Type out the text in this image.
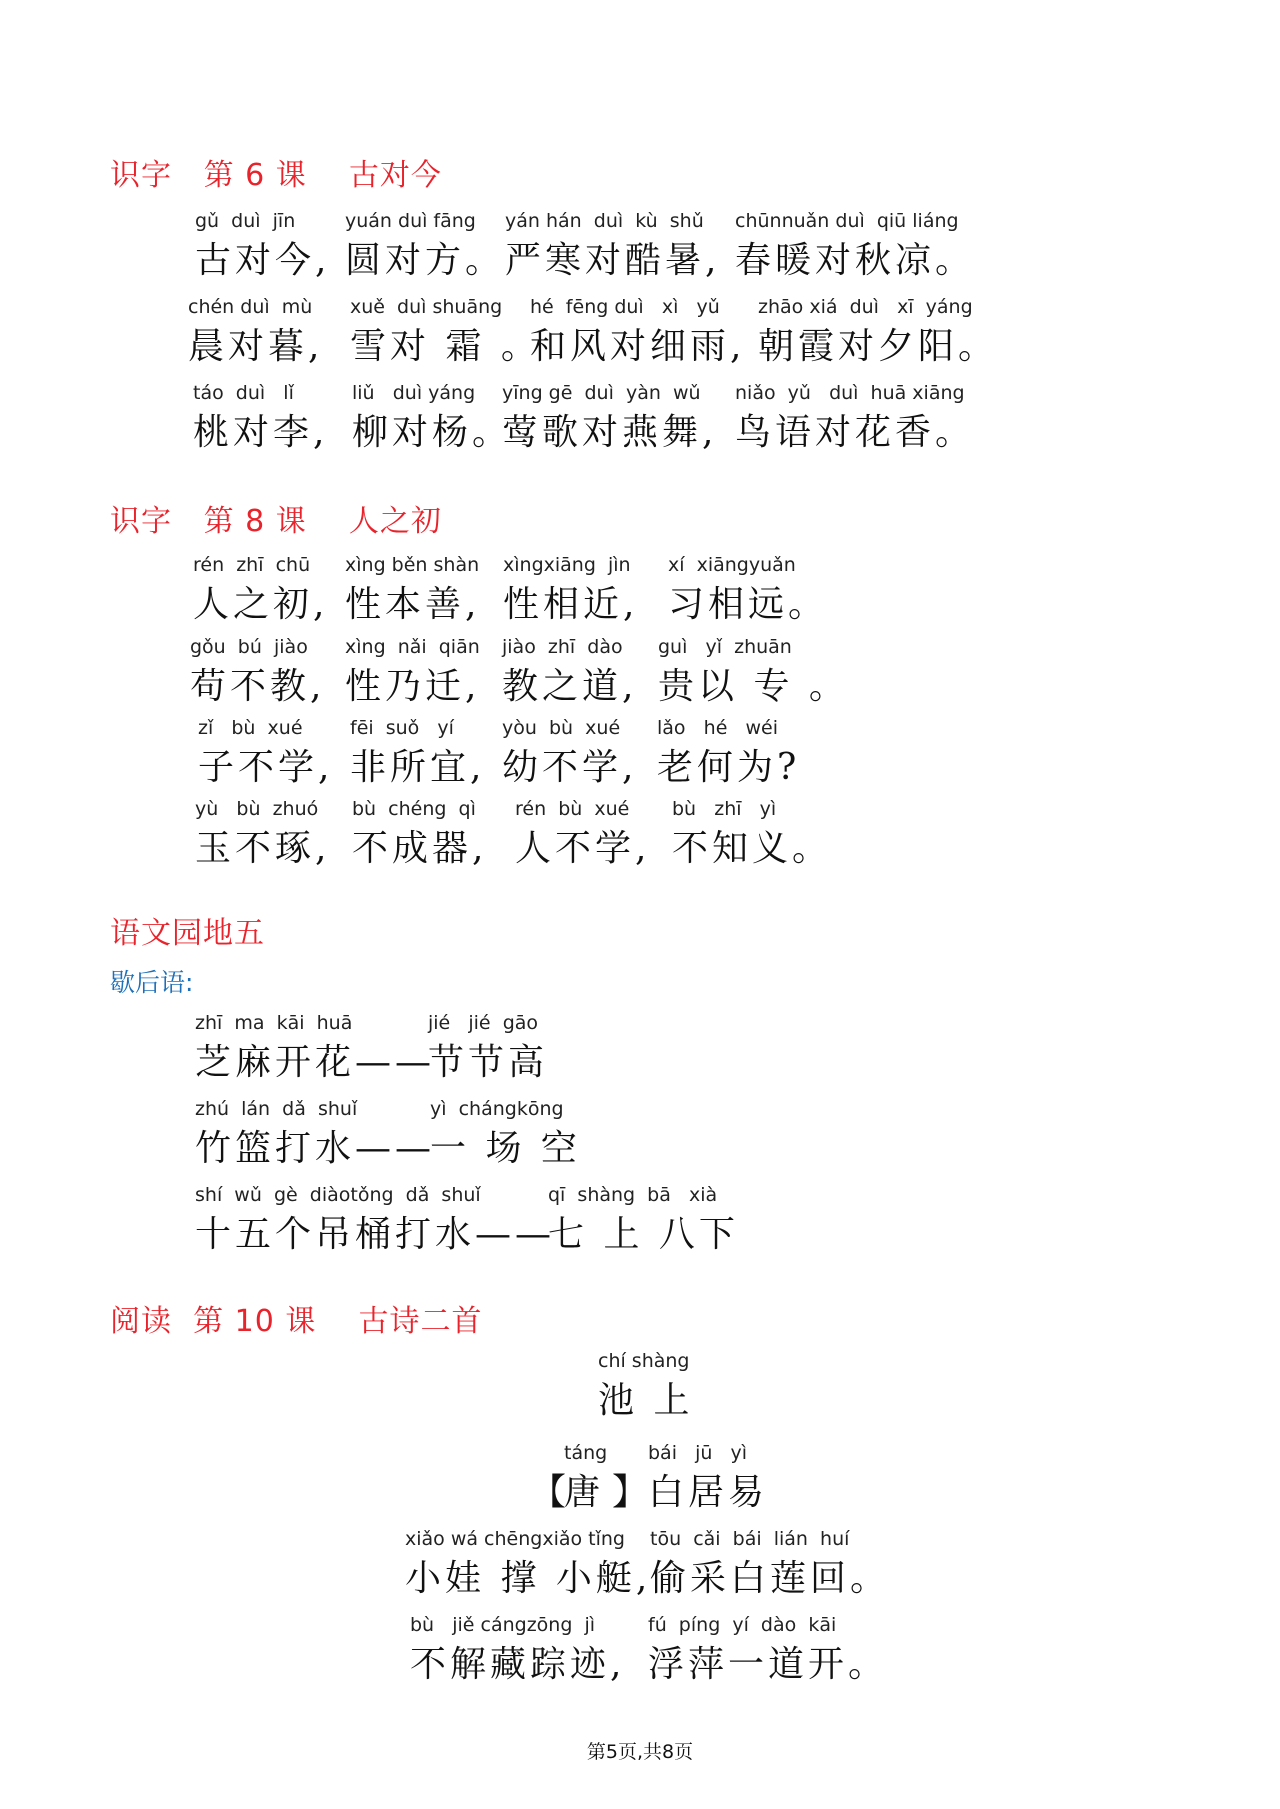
识字   第 6 课    古对今
gǔ  duì  jīn
古对今,
yuán duì fāng
圆对方。
yán hán  duì  kù  shǔ
严寒对酷暑,
chūnnuǎn duì  qiū liáng
春暖对秋凉。
chén duì  mù
晨对暮,
xuě  duì shuāng
雪对 霜 。
hé  fēng duì   xì   yǔ
和风对细雨,
zhāo xiá  duì   xī  yáng
朝霞对夕阳。
táo  duì   lǐ
桃对李,
liǔ   duì yáng
柳对杨。
yīng gē  duì  yàn  wǔ
莺歌对燕舞,
niǎo  yǔ   duì  huā xiāng
鸟语对花香。
识字   第 8 课    人之初
rén  zhī  chū
人之初,
xìng běn shàn
性本善,
xìngxiāng  jìn
性相近,
xí  xiāngyuǎn
习相远。
gǒu  bú  jiào
苟不教,
xìng  nǎi  qiān
性乃迁,
jiào  zhī  dào
教之道,
guì   yǐ  zhuān
贵以 专 。
zǐ   bù  xué
子不学,
fēi  suǒ   yí
非所宜,
yòu  bù  xué
幼不学,
lǎo   hé   wéi
老何为?
yù   bù  zhuó
玉不琢,
bù  chéng  qì
不成器,
rén  bù  xué
人不学,
bù   zhī   yì
不知义。
语文园地五
歇后语:
zhī  ma  kāi  huā
芝麻开花——
jié   jié  gāo
节节高
zhú  lán  dǎ  shuǐ
竹篮打水——
yì  chángkōng
一 场 空
shí  wǔ  gè  diàotǒng  dǎ  shuǐ
十五个吊桶打水——
qī  shàng  bā   xià
七 上 八下
阅读  第 10 课    古诗二首
chí shàng
池 上
【
táng
唐 】
bái   jū   yì
白居易
xiǎo wá chēngxiǎo tǐng
小娃 撑 小艇,
tōu  cǎi  bái  lián  huí
偷采白莲回。
bù   jiě cángzōng  jì
不解藏踪迹,
fú  píng  yí  dào  kāi
浮萍一道开。
第5页,共8页
